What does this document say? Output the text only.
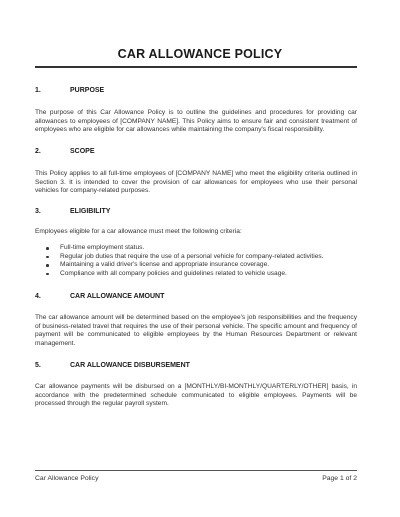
CAR ALLOWANCE POLICY
1.	PURPOSE

The purpose of this Car Allowance Policy is to outline the guidelines and procedures for providing car allowances to employees of [COMPANY NAME]. This Policy aims to ensure fair and consistent treatment of employees who are eligible for car allowances while maintaining the company's fiscal responsibility.

2.	SCOPE

This Policy applies to all full-time employees of [COMPANY NAME] who meet the eligibility criteria outlined in Section 3. It is intended to cover the provision of car allowances for employees who use their personal vehicles for company-related purposes.

3.	ELIGIBILITY

Employees eligible for a car allowance must meet the following criteria:

Full-time employment status.
Regular job duties that require the use of a personal vehicle for company-related activities.
Maintaining a valid driver's license and appropriate insurance coverage.
Compliance with all company policies and guidelines related to vehicle usage.
4.	CAR ALLOWANCE AMOUNT

The car allowance amount will be determined based on the employee's job responsibilities and the frequency of business-related travel that requires the use of their personal vehicle. The specific amount and frequency of payment will be communicated to eligible employees by the Human Resources Department or relevant management.

5.	CAR ALLOWANCE DISBURSEMENT

Car allowance payments will be disbursed on a [MONTHLY/BI-MONTHLY/QUARTERLY/OTHER] basis, in accordance with the predetermined schedule communicated to eligible employees. Payments will be processed through the regular payroll system.

Car Allowance Policy	Page 1 of 2
